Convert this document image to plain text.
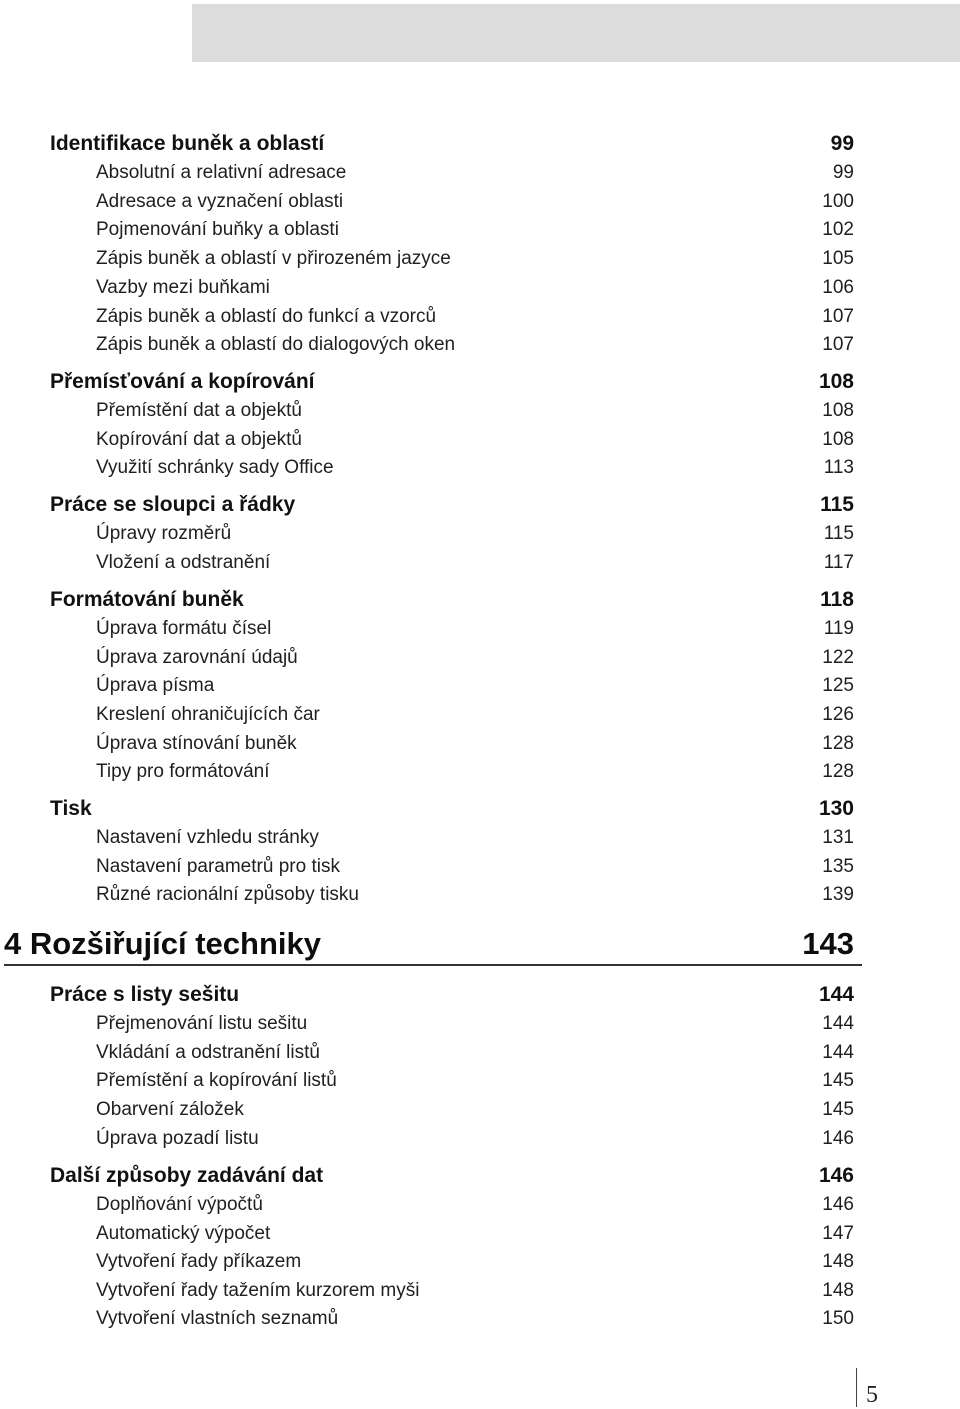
Identifikace buněk a oblastí	99
Absolutní a relativní adresace	99
Adresace a vyznačení oblasti	100
Pojmenování buňky a oblasti	102
Zápis buněk a oblastí v přirozeném jazyce	105
Vazby mezi buňkami	106
Zápis buněk a oblastí do funkcí a vzorců	107
Zápis buněk a oblastí do dialogových oken	107
Přemísťování a kopírování	108
Přemístění dat a objektů	108
Kopírování dat a objektů	108
Využití schránky sady Office	113
Práce se sloupci a řádky	115
Úpravy rozměrů	115
Vložení a odstranění	117
Formátování buněk	118
Úprava formátu čísel	119
Úprava zarovnání údajů	122
Úprava písma	125
Kreslení ohraničujících čar	126
Úprava stínování buněk	128
Tipy pro formátování	128
Tisk	130
Nastavení vzhledu stránky	131
Nastavení parametrů pro tisk	135
Různé racionální způsoby tisku	139
4 Rozšiřující techniky	143
Práce s listy sešitu	144
Přejmenování listu sešitu	144
Vkládání a odstranění listů	144
Přemístění a kopírování listů	145
Obarvení záložek	145
Úprava pozadí listu	146
Další způsoby zadávání dat	146
Doplňování výpočtů	146
Automatický výpočet	147
Vytvoření řady příkazem	148
Vytvoření řady tažením kurzorem myši	148
Vytvoření vlastních seznamů	150
5
